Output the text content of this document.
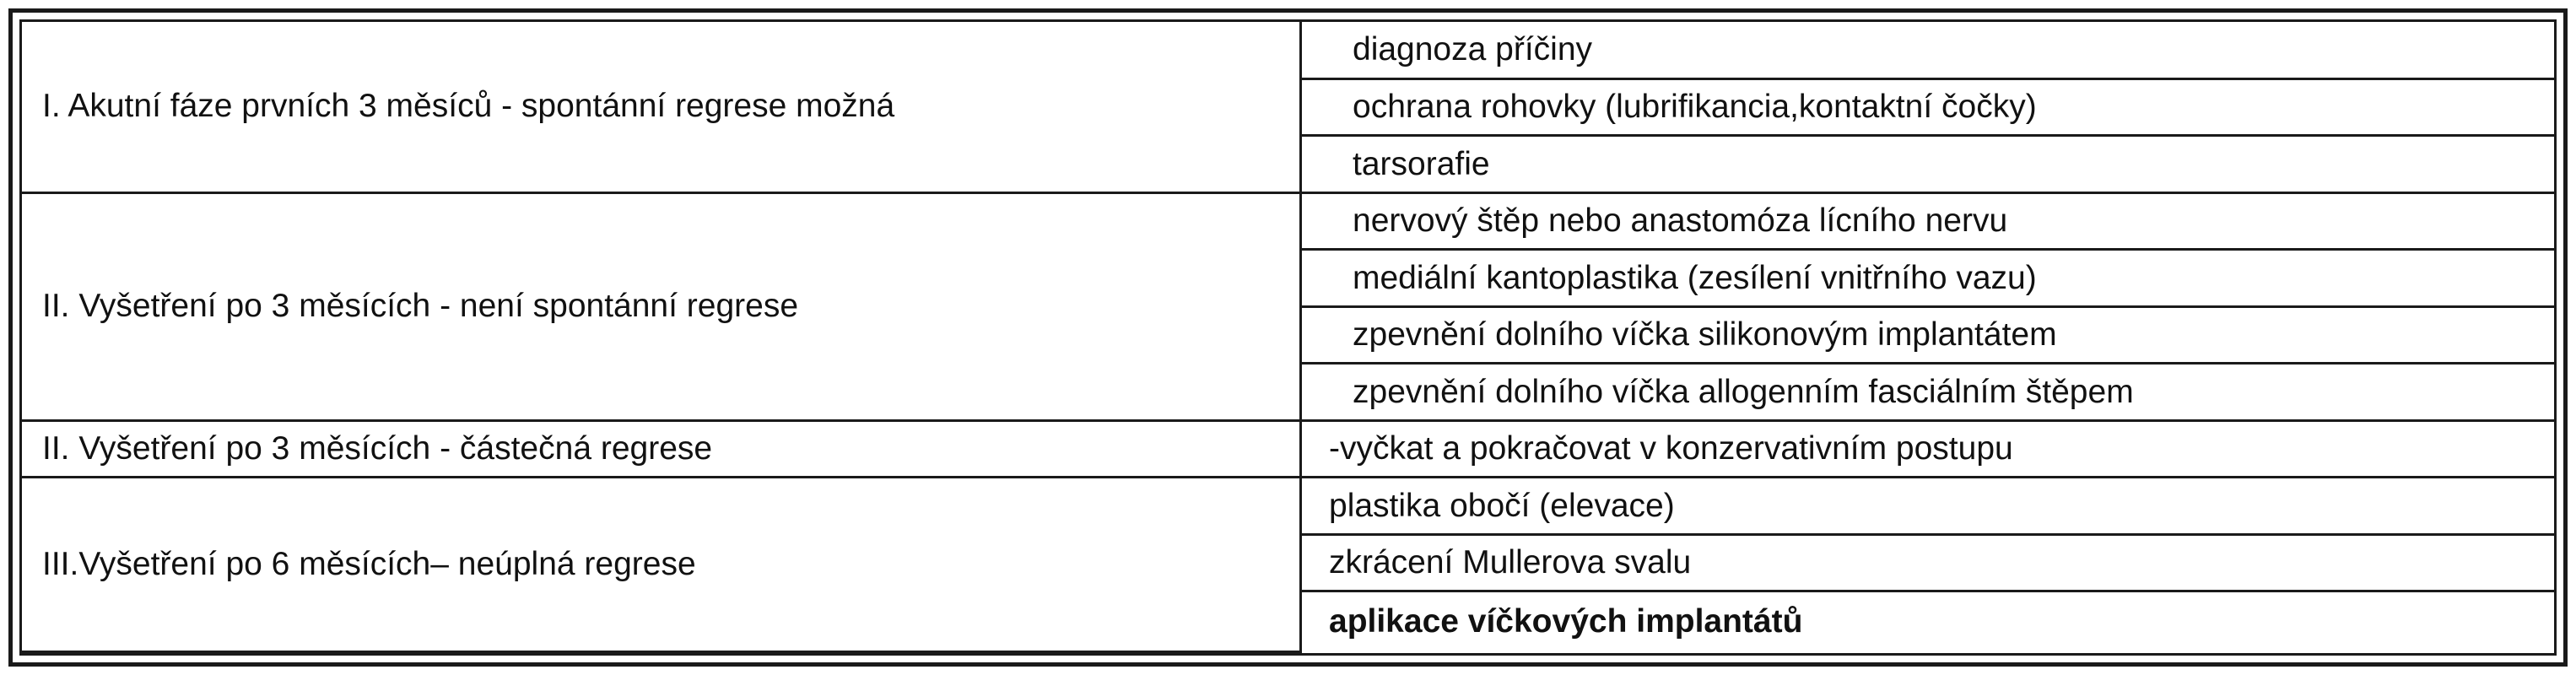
I. Akutní fáze prvních 3 měsíců - spontánní regrese možná	diagnoza příčiny
	ochrana rohovky (lubrifikancia,kontaktní čočky)
	tarsorafie
II. Vyšetření po 3 měsících - není spontánní regrese	nervový štěp nebo anastomóza lícního nervu
	mediální kantoplastika (zesílení vnitřního vazu)
	zpevnění dolního víčka silikonovým implantátem
	zpevnění dolního víčka allogenním fasciálním štěpem
II. Vyšetření po 3 měsících - částečná regrese	-vyčkat a pokračovat v konzervativním postupu
III.Vyšetření po 6 měsících– neúplná regrese	plastika obočí (elevace)
	zkrácení Mullerova svalu
	aplikace víčkových implantátů
